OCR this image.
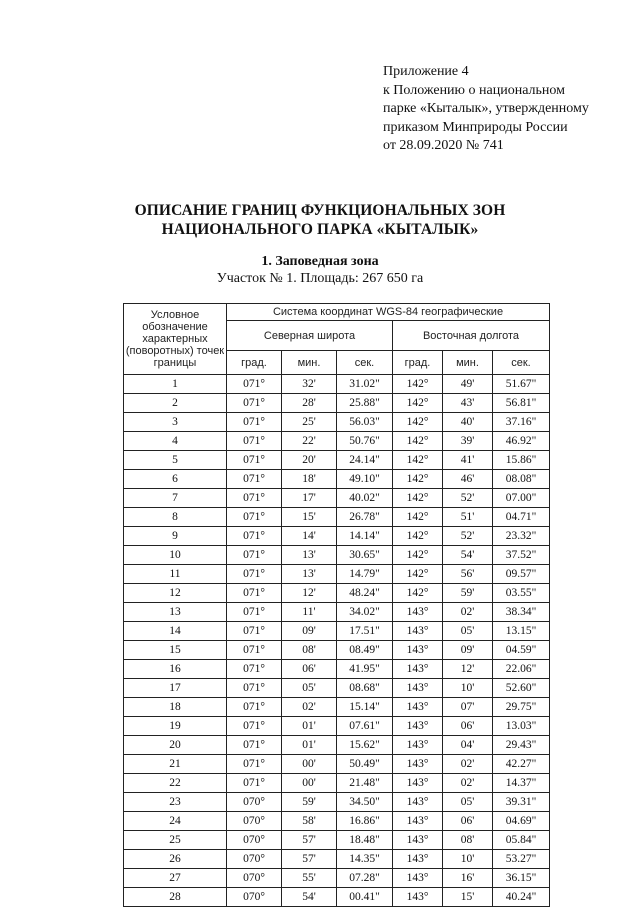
Приложение 4
к Положению о национальном
парке «Кыталык», утвержденному
приказом Минприроды России
от 28.09.2020 № 741
ОПИСАНИЕ ГРАНИЦ ФУНКЦИОНАЛЬНЫХ ЗОН
НАЦИОНАЛЬНОГО ПАРКА «КЫТАЛЫК»
1. Заповедная зона
Участок № 1. Площадь: 267 650 га
Условное обозначение характерных (поворотных) точек границы	Система координат WGS-84 географические					
	Северная широта			Восточная долгота		
	град.	мин.	сек.	град.	мин.	сек.
1	071°	32'	31.02"	142°	49'	51.67"
2	071°	28'	25.88"	142°	43'	56.81"
3	071°	25'	56.03"	142°	40'	37.16"
4	071°	22'	50.76"	142°	39'	46.92"
5	071°	20'	24.14"	142°	41'	15.86"
6	071°	18'	49.10"	142°	46'	08.08"
7	071°	17'	40.02"	142°	52'	07.00"
8	071°	15'	26.78"	142°	51'	04.71"
9	071°	14'	14.14"	142°	52'	23.32"
10	071°	13'	30.65"	142°	54'	37.52"
11	071°	13'	14.79"	142°	56'	09.57"
12	071°	12'	48.24"	142°	59'	03.55"
13	071°	11'	34.02"	143°	02'	38.34"
14	071°	09'	17.51"	143°	05'	13.15"
15	071°	08'	08.49"	143°	09'	04.59"
16	071°	06'	41.95"	143°	12'	22.06"
17	071°	05'	08.68"	143°	10'	52.60"
18	071°	02'	15.14"	143°	07'	29.75"
19	071°	01'	07.61"	143°	06'	13.03"
20	071°	01'	15.62"	143°	04'	29.43"
21	071°	00'	50.49"	143°	02'	42.27"
22	071°	00'	21.48"	143°	02'	14.37"
23	070°	59'	34.50"	143°	05'	39.31"
24	070°	58'	16.86"	143°	06'	04.69"
25	070°	57'	18.48"	143°	08'	05.84"
26	070°	57'	14.35"	143°	10'	53.27"
27	070°	55'	07.28"	143°	16'	36.15"
28	070°	54'	00.41"	143°	15'	40.24"
